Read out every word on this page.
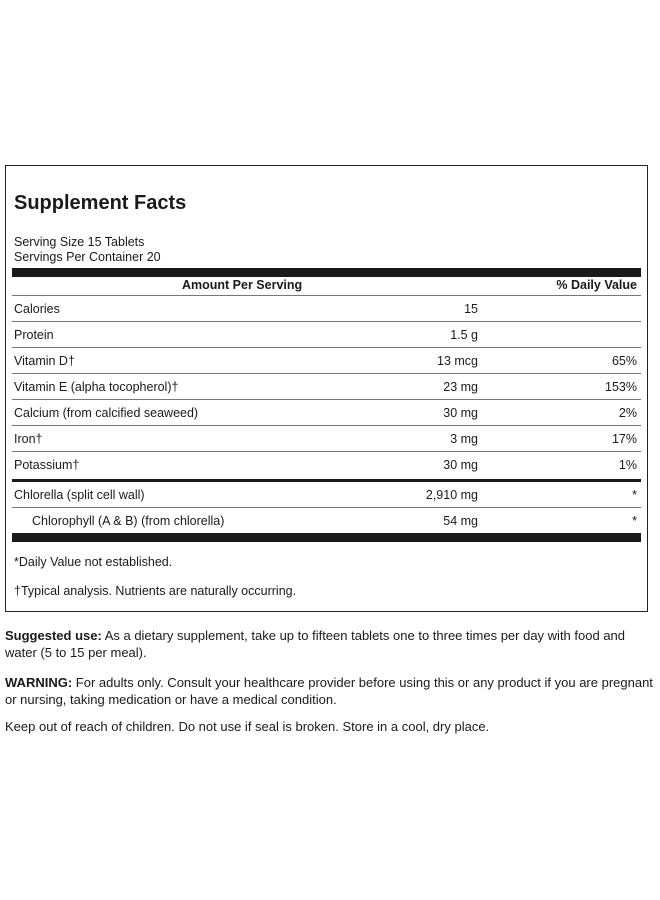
Supplement Facts
Serving Size 15 Tablets
Servings Per Container 20
Amount Per Serving	% Daily Value
Calories	15
Protein	1.5 g
Vitamin D†	13 mcg	65%
Vitamin E (alpha tocopherol)†	23 mg	153%
Calcium (from calcified seaweed)	30 mg	2%
Iron†	3 mg	17%
Potassium†	30 mg	1%
Chlorella (split cell wall)	2,910 mg	*
Chlorophyll (A & B) (from chlorella)	54 mg	*
*Daily Value not established.
†Typical analysis. Nutrients are naturally occurring.

Suggested use: As a dietary supplement, take up to fifteen tablets one to three times per day with food and water (5 to 15 per meal).

WARNING: For adults only. Consult your healthcare provider before using this or any product if you are pregnant or nursing, taking medication or have a medical condition.

Keep out of reach of children. Do not use if seal is broken. Store in a cool, dry place.
